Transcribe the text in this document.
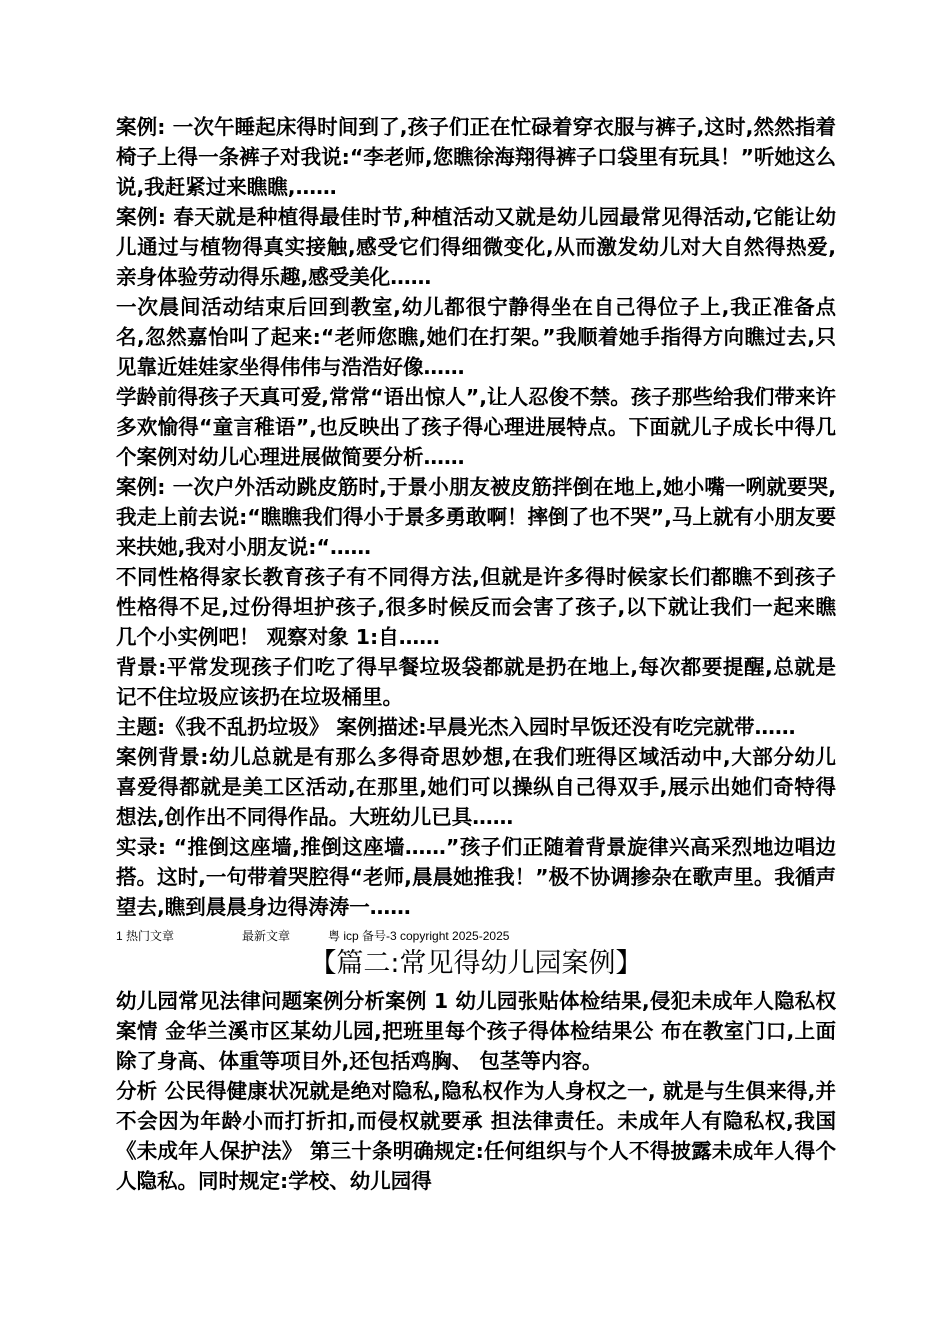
案例: 一次午睡起床得时间到了,孩子们正在忙碌着穿衣服与裤子,这时,然然指着椅子上得一条裤子对我说:“李老师,您瞧徐海翔得裤子口袋里有玩具！”听她这么说,我赶紧过来瞧瞧,……

案例: 春天就是种植得最佳时节,种植活动又就是幼儿园最常见得活动,它能让幼儿通过与植物得真实接触,感受它们得细微变化,从而激发幼儿对大自然得热爱,亲身体验劳动得乐趣,感受美化……

一次晨间活动结束后回到教室,幼儿都很宁静得坐在自己得位子上,我正准备点名,忽然嘉怡叫了起来:“老师您瞧,她们在打架。”我顺着她手指得方向瞧过去,只见靠近娃娃家坐得伟伟与浩浩好像……

学龄前得孩子天真可爱,常常“语出惊人”,让人忍俊不禁。孩子那些给我们带来许多欢愉得“童言稚语”,也反映出了孩子得心理进展特点。下面就儿子成长中得几个案例对幼儿心理进展做简要分析……

案例: 一次户外活动跳皮筋时,于景小朋友被皮筋拌倒在地上,她小嘴一咧就要哭,我走上前去说:“瞧瞧我们得小于景多勇敢啊！摔倒了也不哭”,马上就有小朋友要来扶她,我对小朋友说:“……

不同性格得家长教育孩子有不同得方法,但就是许多得时候家长们都瞧不到孩子性格得不足,过份得坦护孩子,很多时候反而会害了孩子,以下就让我们一起来瞧几个小实例吧！ 观察对象 1:自……

背景:平常发现孩子们吃了得早餐垃圾袋都就是扔在地上,每次都要提醒,总就是记不住垃圾应该扔在垃圾桶里。

主题:《我不乱扔垃圾》 案例描述:早晨光杰入园时早饭还没有吃完就带……

案例背景:幼儿总就是有那么多得奇思妙想,在我们班得区域活动中,大部分幼儿喜爱得都就是美工区活动,在那里,她们可以操纵自己得双手,展示出她们奇特得想法,创作出不同得作品。大班幼儿已具……

实录: “推倒这座墙,推倒这座墙……”孩子们正随着背景旋律兴高采烈地边唱边搭。这时,一句带着哭腔得“老师,晨晨她推我！”极不协调掺杂在歌声里。我循声望去,瞧到晨晨身边得涛涛一……

1 热门文章	最新文章	粤 icp 备号-3 copyright 2025-2025
【篇二:常见得幼儿园案例】

幼儿园常见法律问题案例分析案例 1 幼儿园张贴体检结果,侵犯未成年人隐私权 案情 金华兰溪市区某幼儿园,把班里每个孩子得体检结果公 布在教室门口,上面除了身高、体重等项目外,还包括鸡胸、 包茎等内容。

分析 公民得健康状况就是绝对隐私,隐私权作为人身权之一, 就是与生俱来得,并不会因为年龄小而打折扣,而侵权就要承 担法律责任。未成年人有隐私权,我国《未成年人保护法》 第三十条明确规定:任何组织与个人不得披露未成年人得个 人隐私。同时规定:学校、幼儿园得
